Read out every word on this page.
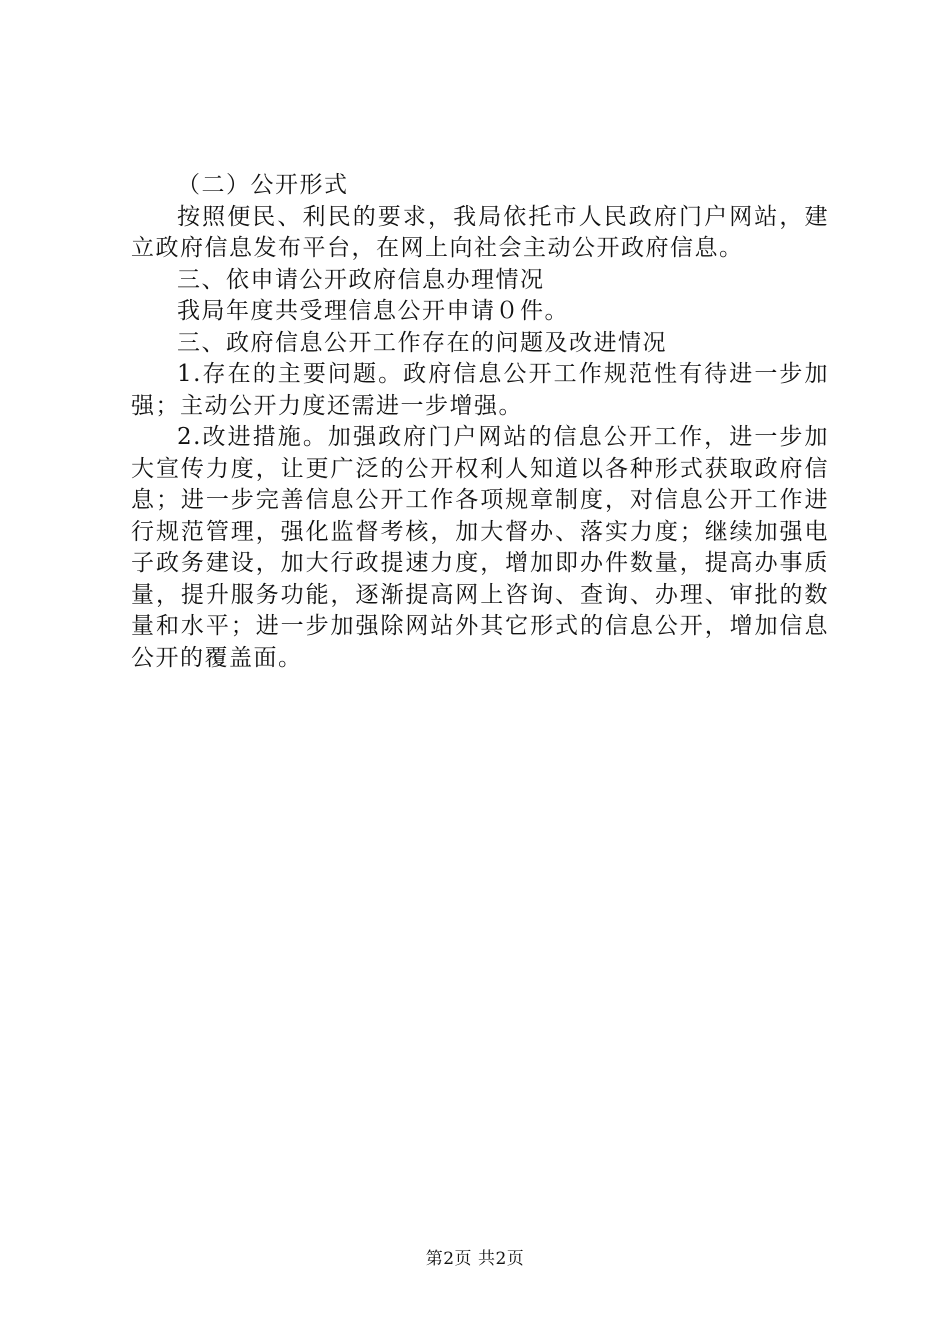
（二）公开形式

按照便民、利民的要求，我局依托市人民政府门户网站，建立政府信息发布平台，在网上向社会主动公开政府信息。

三、依申请公开政府信息办理情况

我局年度共受理信息公开申请０件。

三、政府信息公开工作存在的问题及改进情况

1.存在的主要问题。政府信息公开工作规范性有待进一步加强；主动公开力度还需进一步增强。

2.改进措施。加强政府门户网站的信息公开工作，进一步加大宣传力度，让更广泛的公开权利人知道以各种形式获取政府信息；进一步完善信息公开工作各项规章制度，对信息公开工作进行规范管理，强化监督考核，加大督办、落实力度；继续加强电子政务建设，加大行政提速力度，增加即办件数量，提高办事质量，提升服务功能，逐渐提高网上咨询、查询、办理、审批的数量和水平；进一步加强除网站外其它形式的信息公开，增加信息公开的覆盖面。

第2页 共2页
